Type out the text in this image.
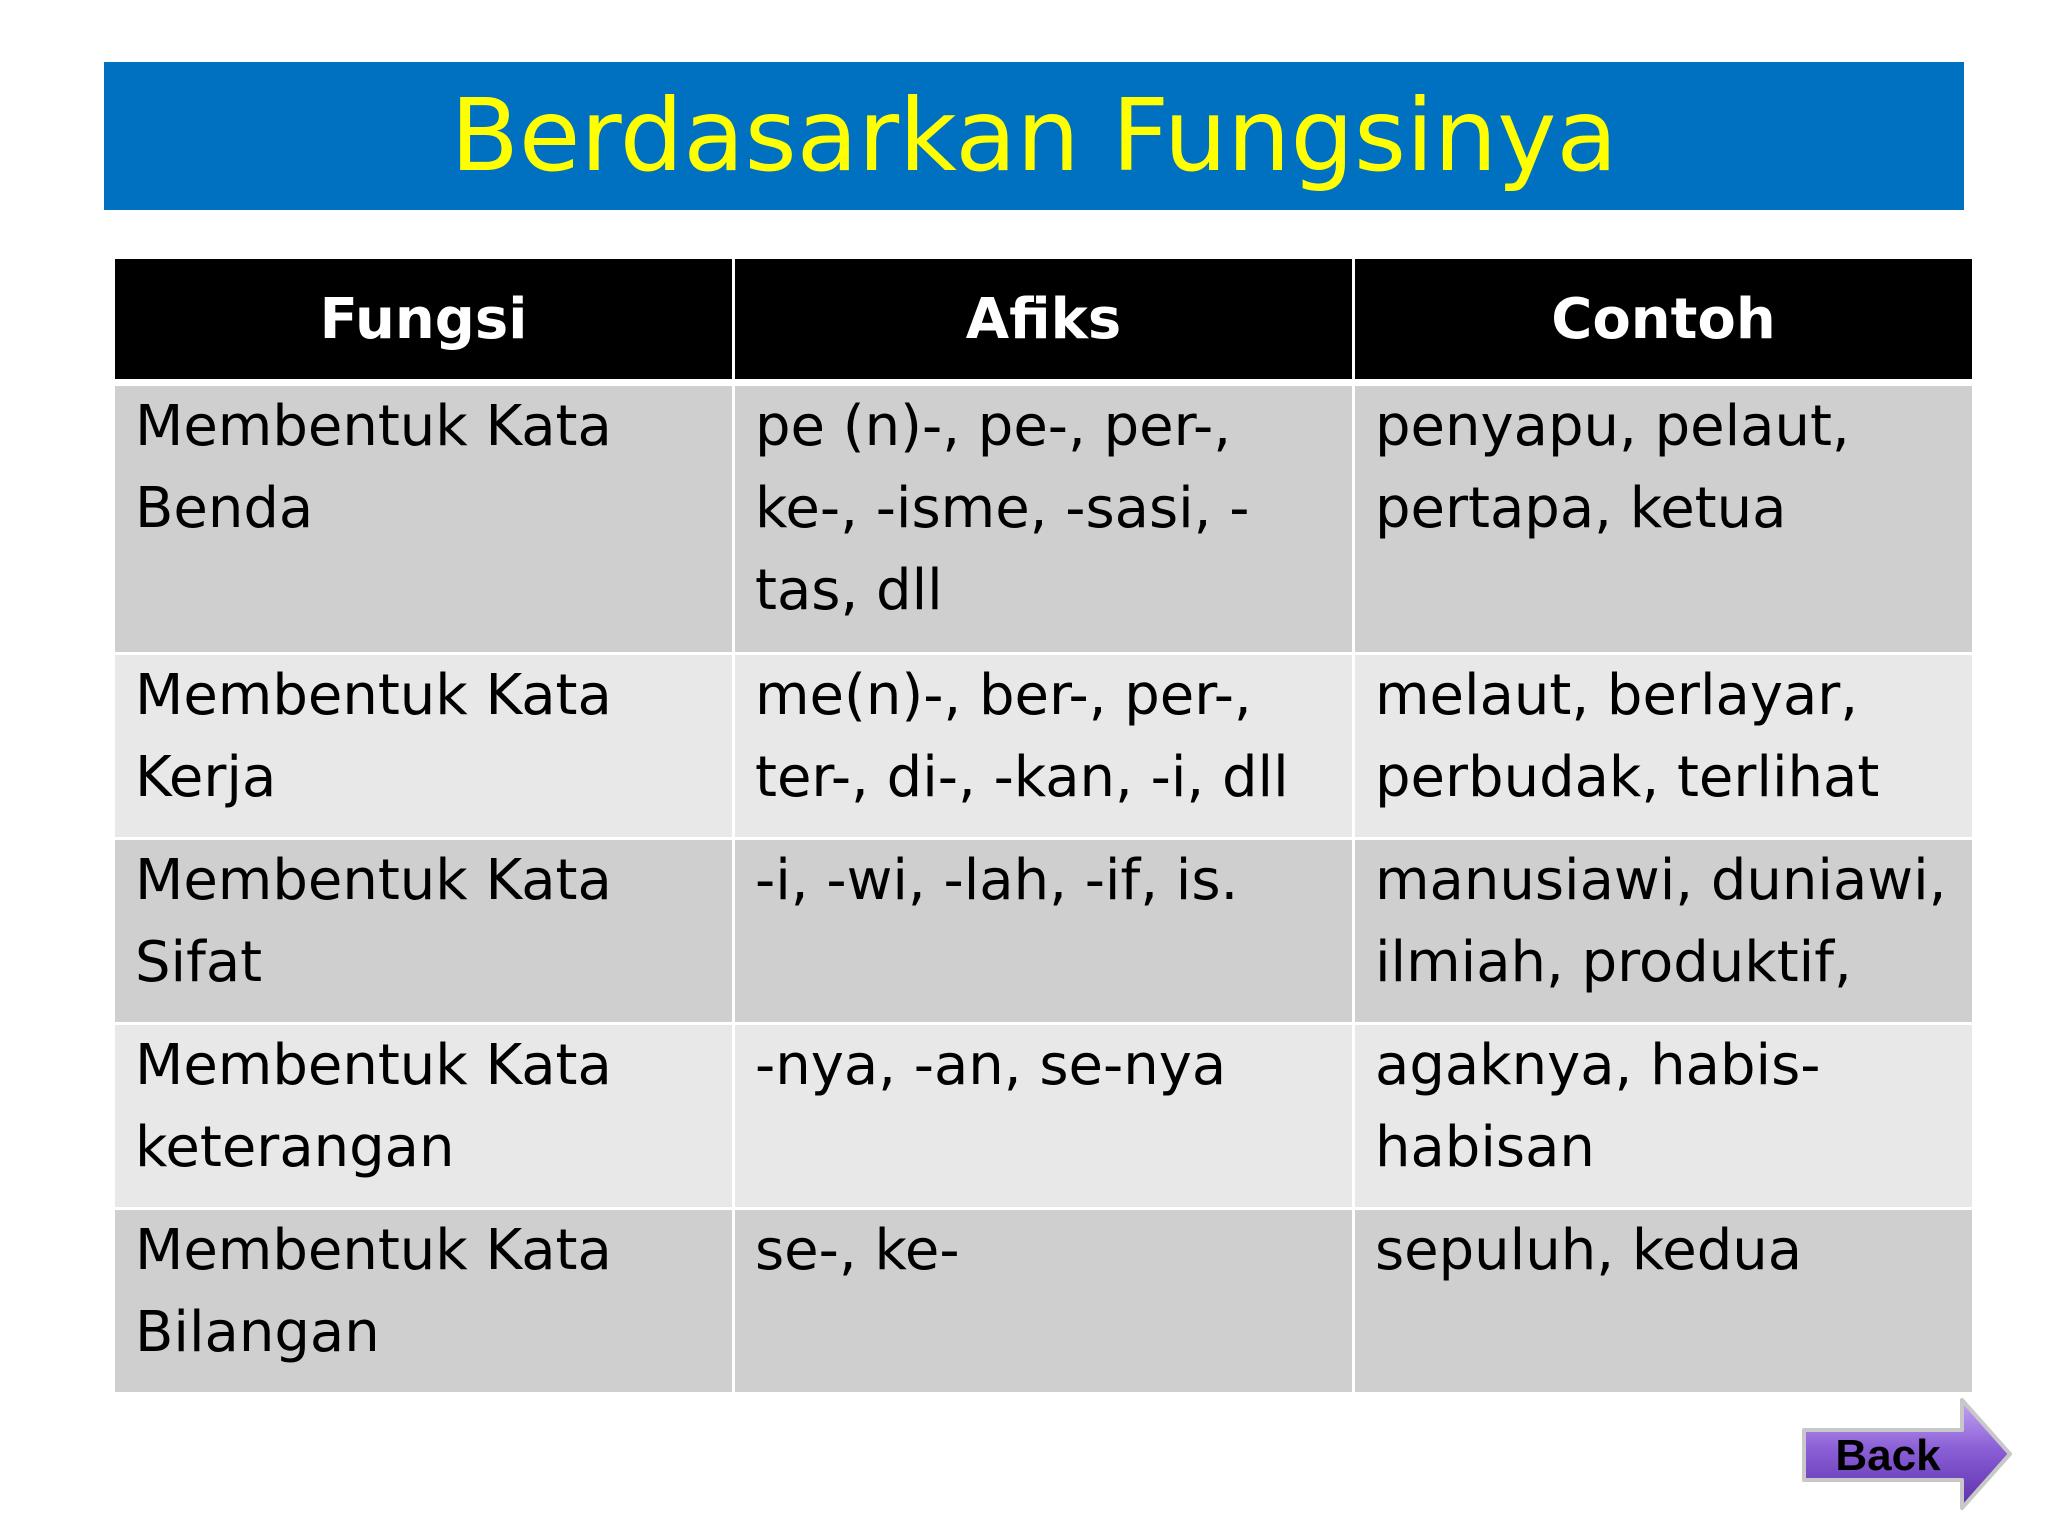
Berdasarkan Fungsinya
Fungsi	Afiks	Contoh
Membentuk Kata Benda	pe (n)-, pe-, per-, ke-, -isme, -sasi, -tas, dll	penyapu, pelaut, pertapa, ketua
Membentuk Kata Kerja	me(n)-, ber-, per-, ter-, di-, -kan, -i, dll	melaut, berlayar, perbudak, terlihat
Membentuk Kata Sifat	-i, -wi, -lah, -if, is.	manusiawi, duniawi, ilmiah, produktif,
Membentuk Kata keterangan	-nya, -an, se-nya	agaknya, habis-habisan
Membentuk Kata Bilangan	se-, ke-	sepuluh, kedua
Back
